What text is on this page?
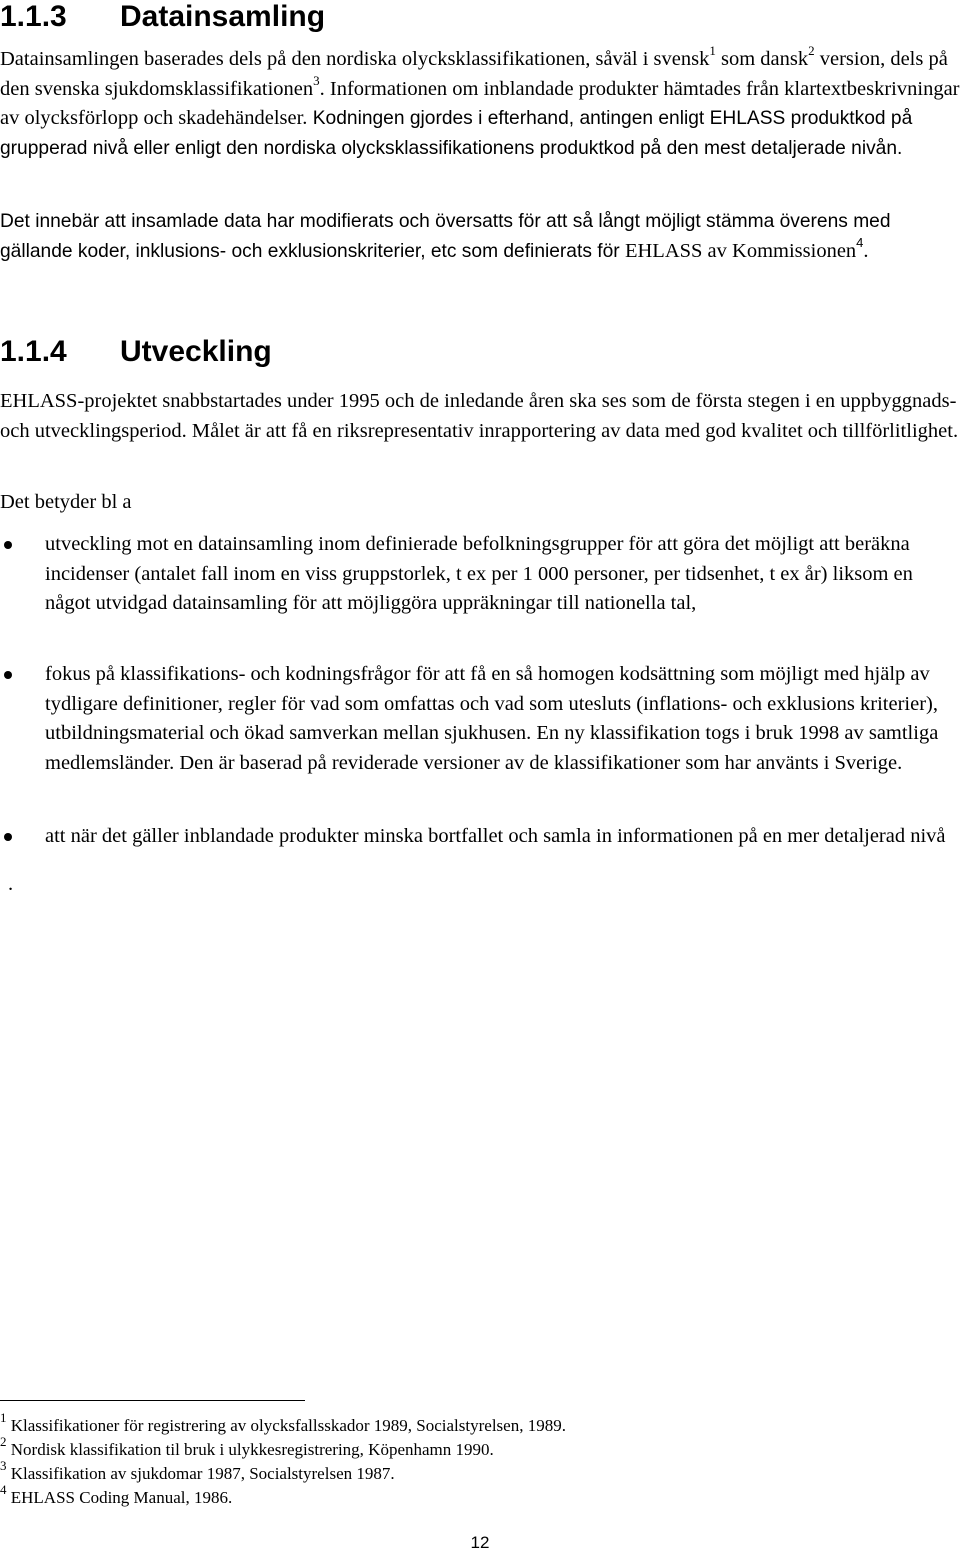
1.1.3 Datainsamling
Datainsamlingen baserades dels på den nordiska olycksklassifikationen, såväl i svensk$^1$ som dansk$^2$ version, dels på den svenska sjukdomsklassifikationen$^3$. Informationen om inblandade produkter hämtades från klartextbeskrivningar av olycksförlopp och skadehändelser. Kodningen gjordes i efterhand, antingen enligt EHLASS produktkod på grupperad nivå eller enligt den nordiska olycksklassifikationens produktkod på den mest detaljerade nivån.
Det innebär att insamlade data har modifierats och översatts för att så långt möjligt stämma överens med gällande koder, inklusions- och exklusionskriterier, etc som definierats för EHLASS av Kommissionen$^4$.
1.1.4 Utveckling
EHLASS-projektet snabbstartades under 1995 och de inledande åren ska ses som de första stegen i en uppbyggnads- och utvecklingsperiod. Målet är att få en riksrepresentativ inrapportering av data med god kvalitet och tillförlitlighet.
Det betyder bl a
utveckling mot en datainsamling inom definierade befolkningsgrupper för att göra det möjligt att beräkna incidenser (antalet fall inom en viss gruppstorlek, t ex per 1 000 personer, per tidsenhet, t ex år) liksom en något utvidgad datainsamling för att möjliggöra uppräkningar till nationella tal,
fokus på klassifikations- och kodningsfrågor för att få en så homogen kodsättning som möjligt med hjälp av tydligare definitioner, regler för vad som omfattas och vad som utesluts (inflations- och exklusions kriterier), utbildningsmaterial och ökad samverkan mellan sjukhusen. En ny klassifikation togs i bruk 1998 av samtliga medlemsländer. Den är baserad på reviderade versioner av de klassifikationer som har använts i Sverige.
att när det gäller inblandade produkter minska bortfallet och samla in informationen på en mer detaljerad nivå
.
$^1$ Klassifikationer för registrering av olycksfallsskador 1989, Socialstyrelsen, 1989.
$^2$ Nordisk klassifikation til bruk i ulykkesregistrering, Köpenhamn 1990.
$^3$ Klassifikation av sjukdomar 1987, Socialstyrelsen 1987.
$^4$ EHLASS Coding Manual, 1986.
12
